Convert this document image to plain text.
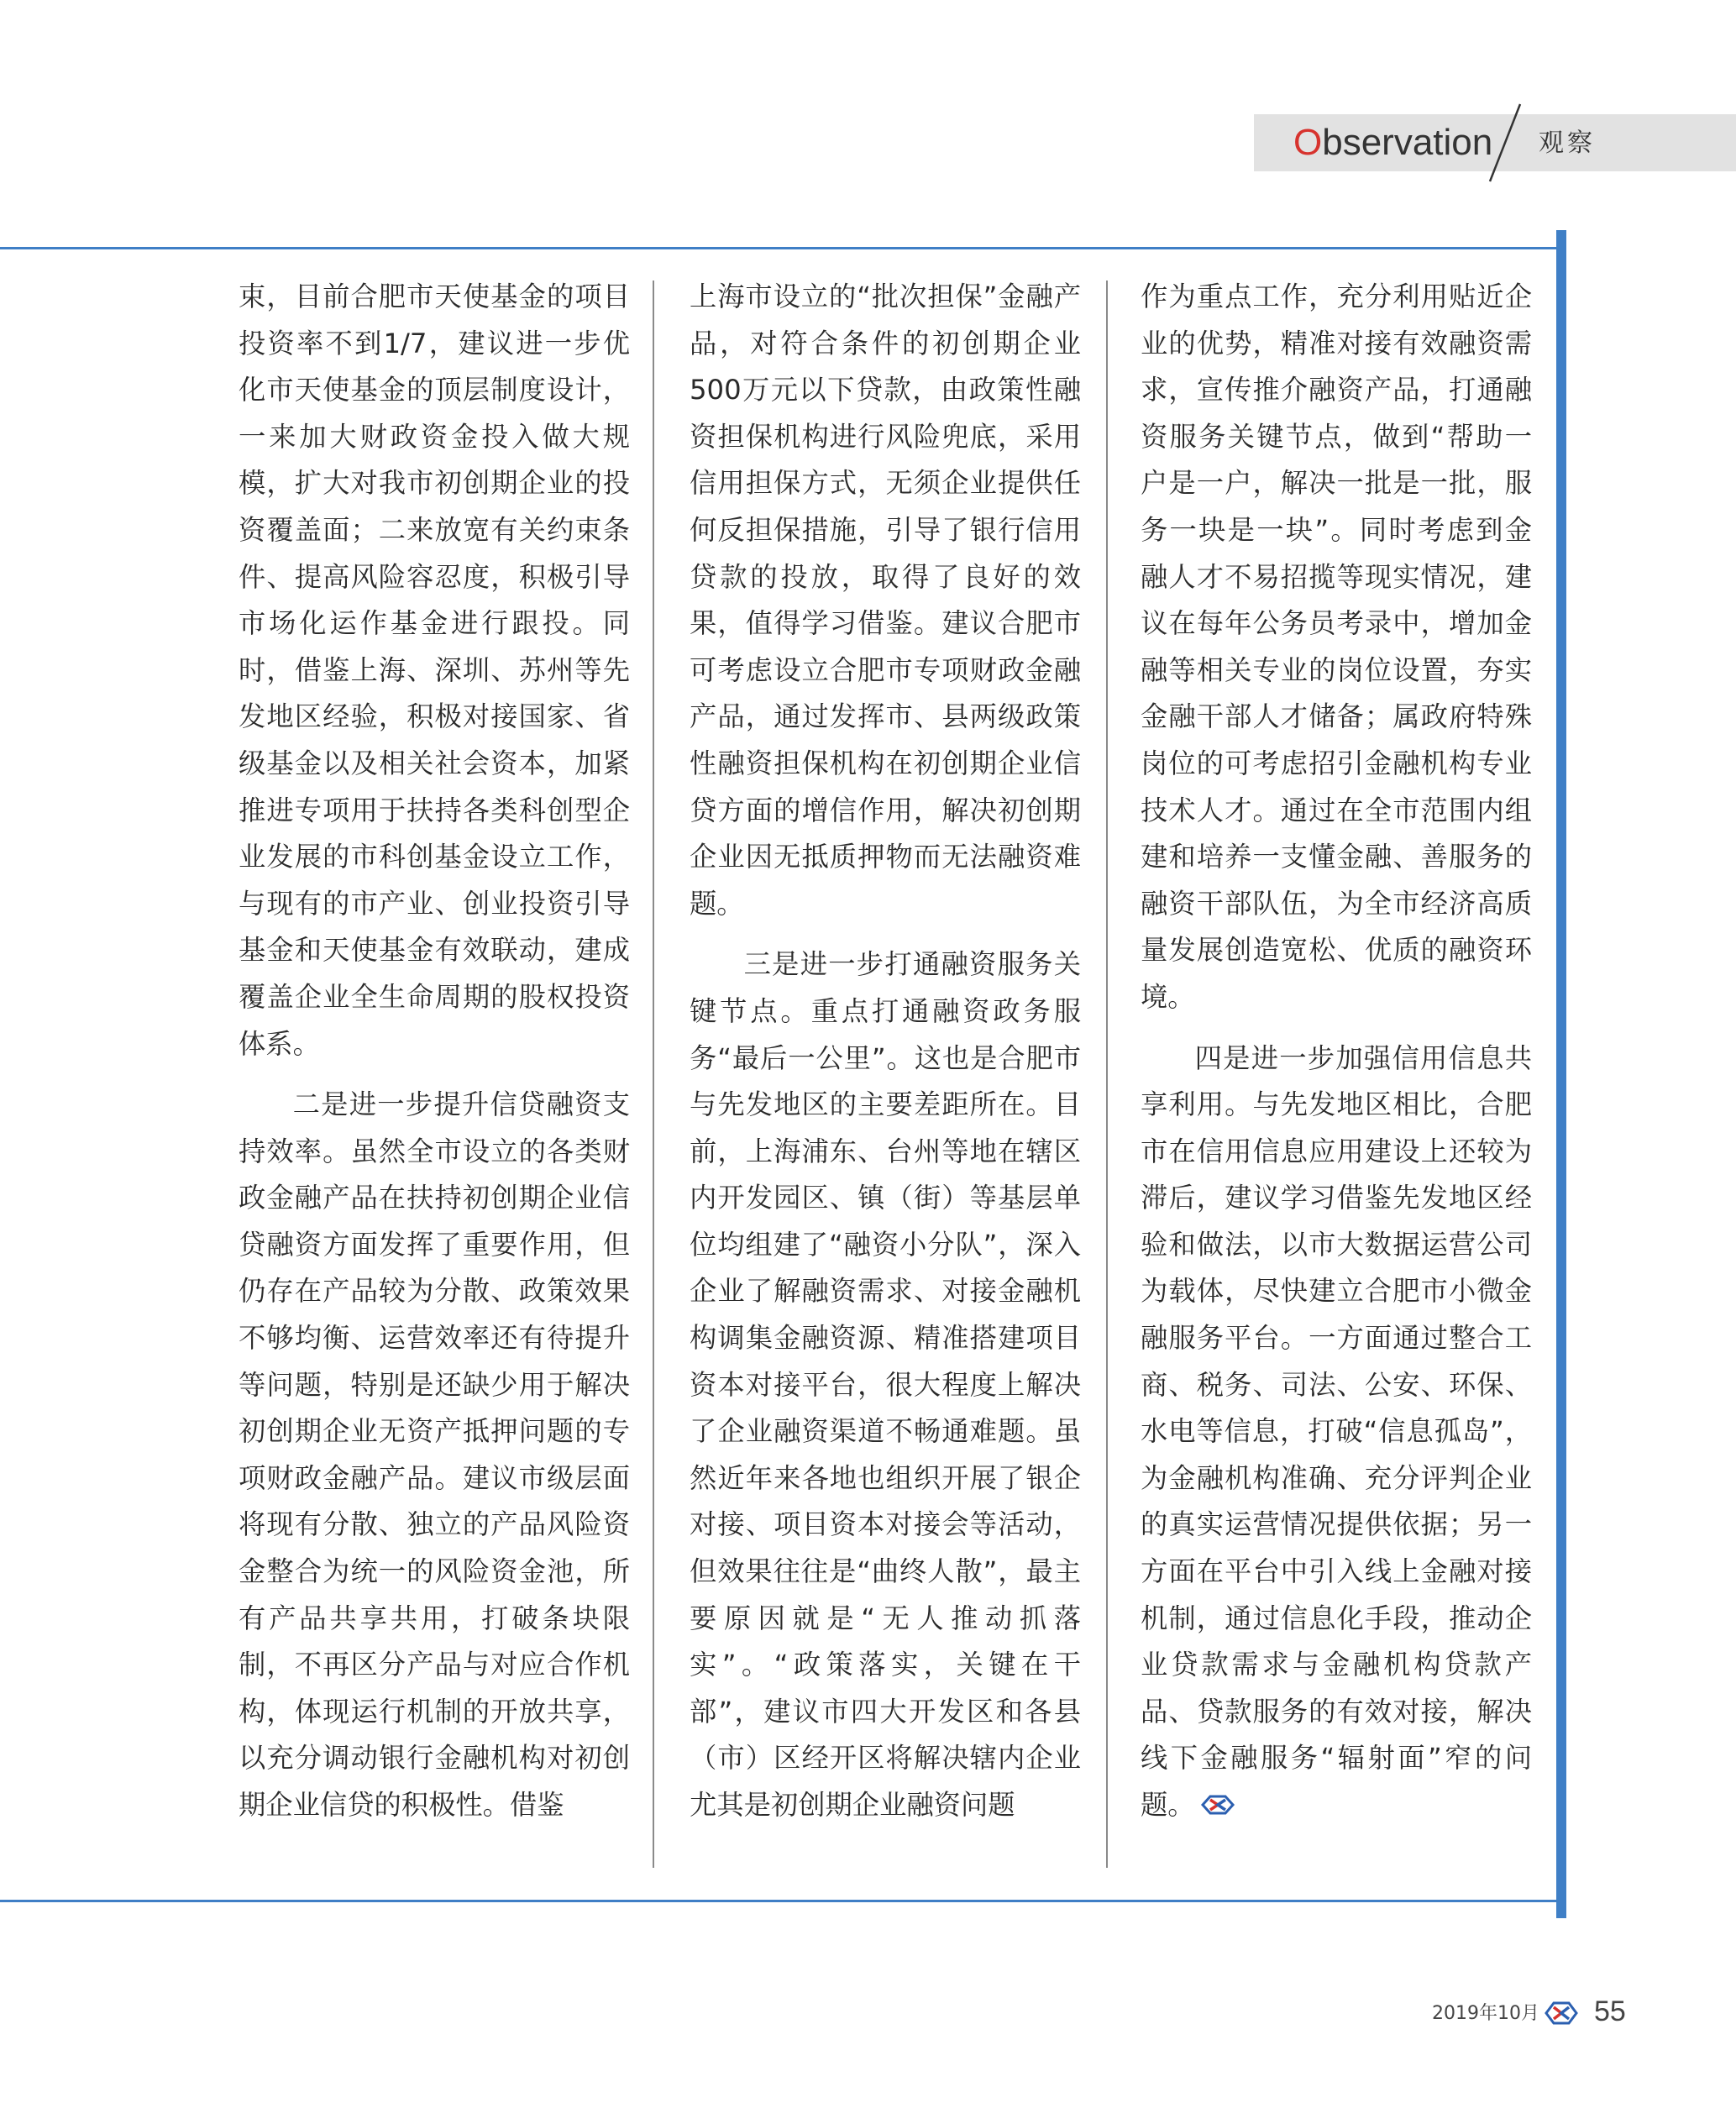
Observation 观察

束，目前合肥市天使基金的项目投资率不到1/7，建议进一步优化市天使基金的顶层制度设计，一来加大财政资金投入做大规模，扩大对我市初创期企业的投资覆盖面；二来放宽有关约束条件、提高风险容忍度，积极引导市场化运作基金进行跟投。同时，借鉴上海、深圳、苏州等先发地区经验，积极对接国家、省级基金以及相关社会资本，加紧推进专项用于扶持各类科创型企业发展的市科创基金设立工作，与现有的市产业、创业投资引导基金和天使基金有效联动，建成覆盖企业全生命周期的股权投资体系。

二是进一步提升信贷融资支持效率。虽然全市设立的各类财政金融产品在扶持初创期企业信贷融资方面发挥了重要作用，但仍存在产品较为分散、政策效果不够均衡、运营效率还有待提升等问题，特别是还缺少用于解决初创期企业无资产抵押问题的专项财政金融产品。建议市级层面将现有分散、独立的产品风险资金整合为统一的风险资金池，所有产品共享共用，打破条块限制，不再区分产品与对应合作机构，体现运行机制的开放共享，以充分调动银行金融机构对初创期企业信贷的积极性。借鉴

上海市设立的“批次担保”金融产品，对符合条件的初创期企业500万元以下贷款，由政策性融资担保机构进行风险兜底，采用信用担保方式，无须企业提供任何反担保措施，引导了银行信用贷款的投放，取得了良好的效果，值得学习借鉴。建议合肥市可考虑设立合肥市专项财政金融产品，通过发挥市、县两级政策性融资担保机构在初创期企业信贷方面的增信作用，解决初创期企业因无抵质押物而无法融资难题。

三是进一步打通融资服务关键节点。重点打通融资政务服务“最后一公里”。这也是合肥市与先发地区的主要差距所在。目前，上海浦东、台州等地在辖区内开发园区、镇（街）等基层单位均组建了“融资小分队”，深入企业了解融资需求、对接金融机构调集金融资源、精准搭建项目资本对接平台，很大程度上解决了企业融资渠道不畅通难题。虽然近年来各地也组织开展了银企对接、项目资本对接会等活动，但效果往往是“曲终人散”，最主要原因就是“无人推动抓落实”。“政策落实，关键在干部”，建议市四大开发区和各县（市）区经开区将解决辖内企业尤其是初创期企业融资问题

作为重点工作，充分利用贴近企业的优势，精准对接有效融资需求，宣传推介融资产品，打通融资服务关键节点，做到“帮助一户是一户，解决一批是一批，服务一块是一块”。同时考虑到金融人才不易招揽等现实情况，建议在每年公务员考录中，增加金融等相关专业的岗位设置，夯实金融干部人才储备；属政府特殊岗位的可考虑招引金融机构专业技术人才。通过在全市范围内组建和培养一支懂金融、善服务的融资干部队伍，为全市经济高质量发展创造宽松、优质的融资环境。

四是进一步加强信用信息共享利用。与先发地区相比，合肥市在信用信息应用建设上还较为滞后，建议学习借鉴先发地区经验和做法，以市大数据运营公司为载体，尽快建立合肥市小微金融服务平台。一方面通过整合工商、税务、司法、公安、环保、水电等信息，打破“信息孤岛”，为金融机构准确、充分评判企业的真实运营情况提供依据；另一方面在平台中引入线上金融对接机制，通过信息化手段，推动企业贷款需求与金融机构贷款产品、贷款服务的有效对接，解决线下金融服务“辐射面”窄的问题。

2019年10月 55
